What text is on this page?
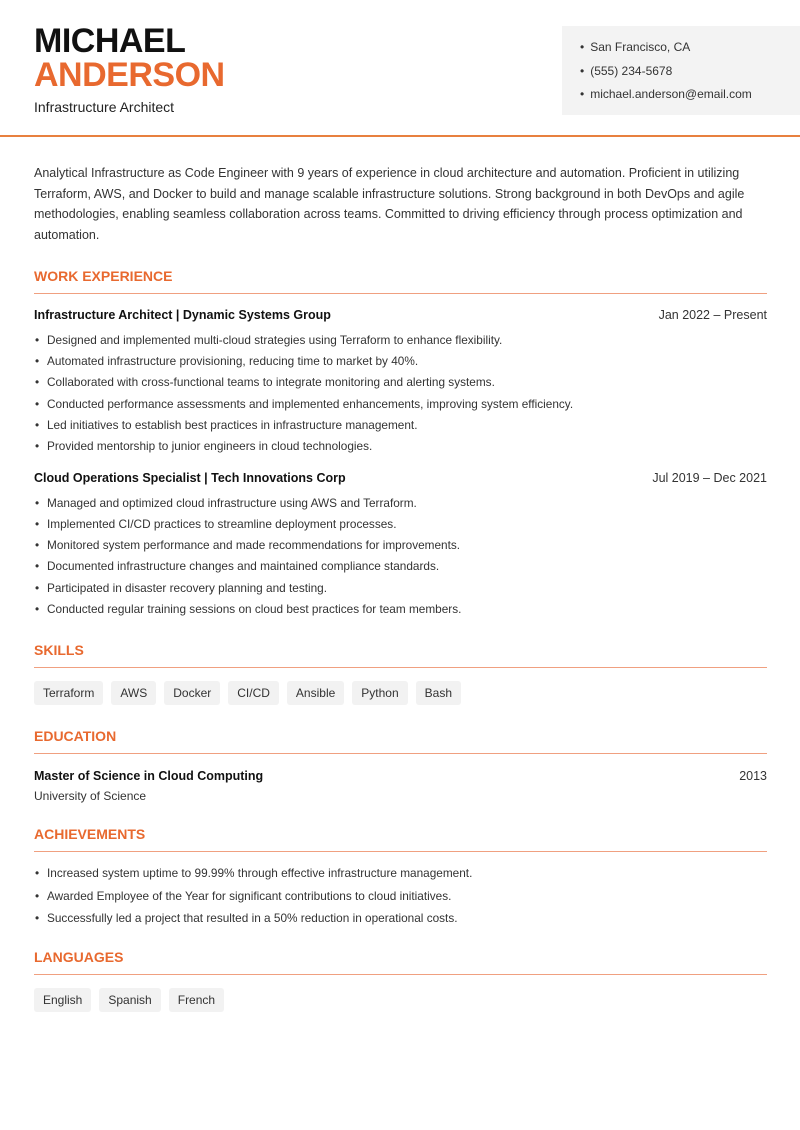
MICHAEL
ANDERSON
Infrastructure Architect
• San Francisco, CA
• (555) 234-5678
• michael.anderson@email.com

Analytical Infrastructure as Code Engineer with 9 years of experience in cloud architecture and automation. Proficient in utilizing Terraform, AWS, and Docker to build and manage scalable infrastructure solutions. Strong background in both DevOps and agile methodologies, enabling seamless collaboration across teams. Committed to driving efficiency through process optimization and automation.

WORK EXPERIENCE
Infrastructure Architect | Dynamic Systems Group	Jan 2022 – Present
• Designed and implemented multi-cloud strategies using Terraform to enhance flexibility.
• Automated infrastructure provisioning, reducing time to market by 40%.
• Collaborated with cross-functional teams to integrate monitoring and alerting systems.
• Conducted performance assessments and implemented enhancements, improving system efficiency.
• Led initiatives to establish best practices in infrastructure management.
• Provided mentorship to junior engineers in cloud technologies.
Cloud Operations Specialist | Tech Innovations Corp	Jul 2019 – Dec 2021
• Managed and optimized cloud infrastructure using AWS and Terraform.
• Implemented CI/CD practices to streamline deployment processes.
• Monitored system performance and made recommendations for improvements.
• Documented infrastructure changes and maintained compliance standards.
• Participated in disaster recovery planning and testing.
• Conducted regular training sessions on cloud best practices for team members.
SKILLS
Terraform	AWS	Docker	CI/CD	Ansible	Python	Bash
EDUCATION
Master of Science in Cloud Computing	2013
University of Science
ACHIEVEMENTS
• Increased system uptime to 99.99% through effective infrastructure management.
• Awarded Employee of the Year for significant contributions to cloud initiatives.
• Successfully led a project that resulted in a 50% reduction in operational costs.
LANGUAGES
English	Spanish	French
